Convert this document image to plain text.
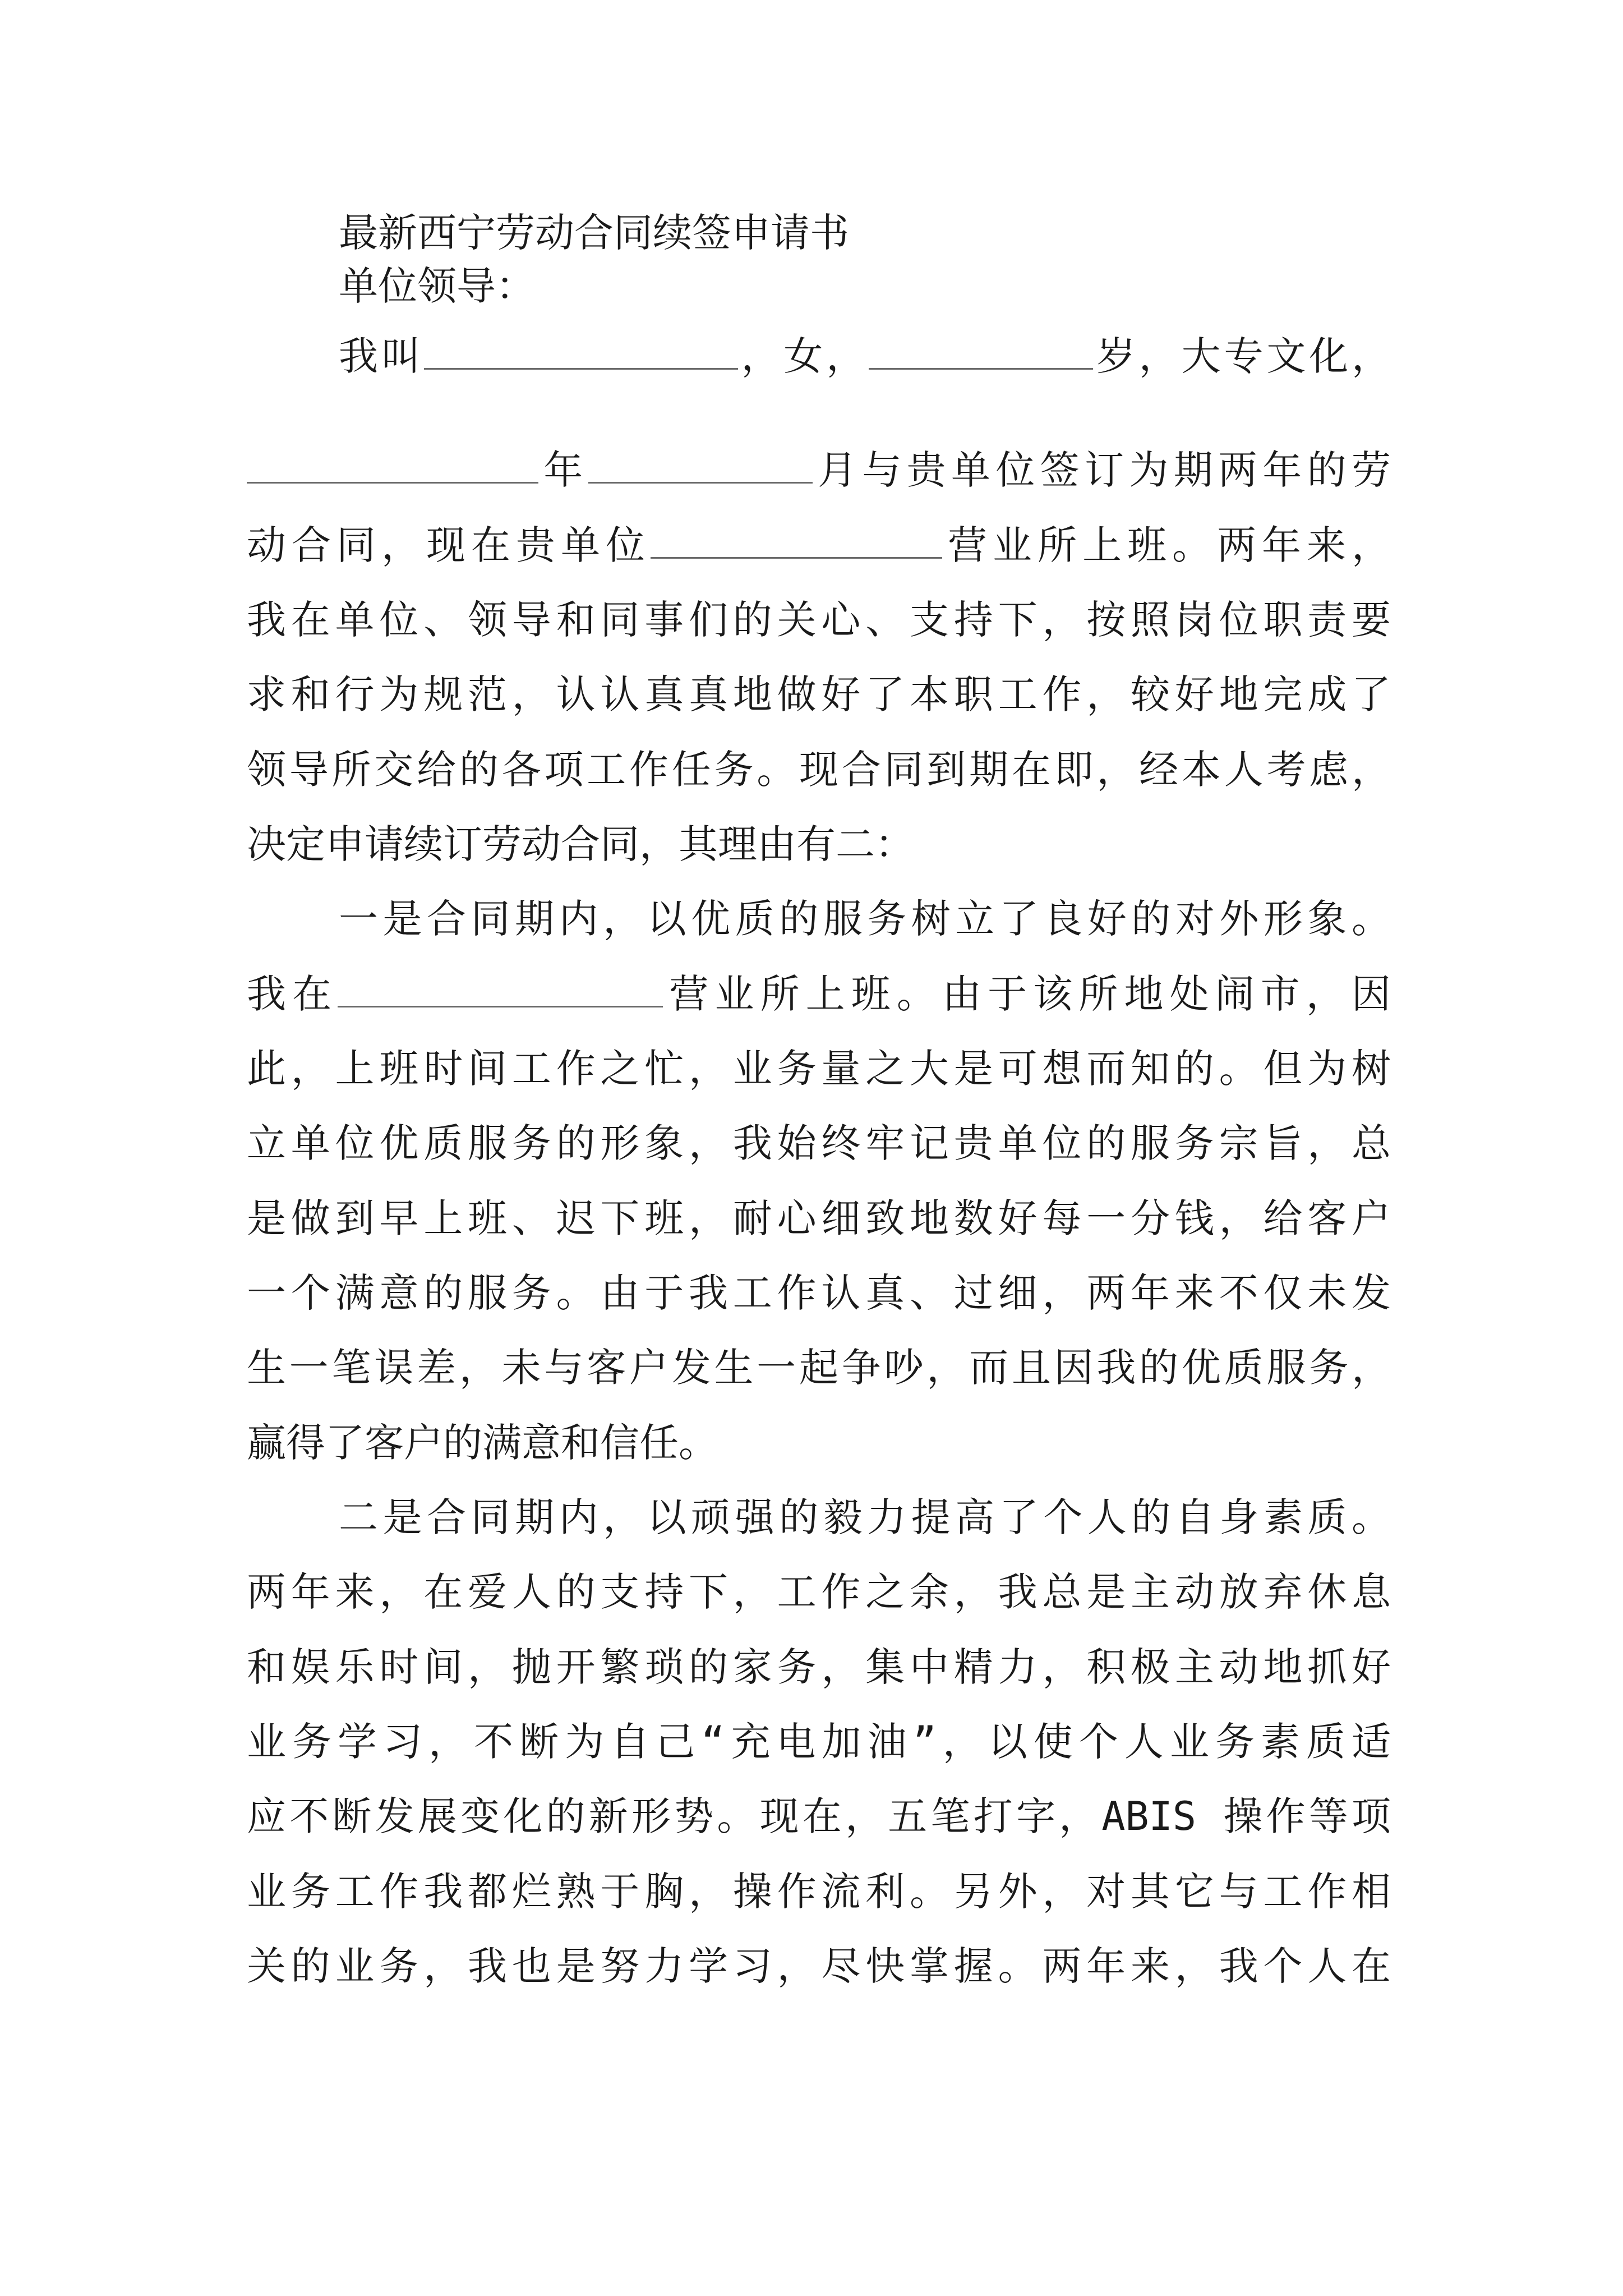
最新西宁劳动合同续签申请书
单位领导：
我叫	，女，	岁，大专文化，
年	月与贵单位签订为期两年的劳
动合同，现在贵单位	营业所上班。两年来，
我在单位、领导和同事们的关心、支持下，按照岗位职责要
求和行为规范，认认真真地做好了本职工作，较好地完成了
领导所交给的各项工作任务。现合同到期在即，经本人考虑，
决定申请续订劳动合同，其理由有二：
一是合同期内，以优质的服务树立了良好的对外形象。
我在	营业所上班。由于该所地处闹市，因
此，上班时间工作之忙，业务量之大是可想而知的。但为树
立单位优质服务的形象，我始终牢记贵单位的服务宗旨，总
是做到早上班、迟下班，耐心细致地数好每一分钱，给客户
一个满意的服务。由于我工作认真、过细，两年来不仅未发
生一笔误差，未与客户发生一起争吵，而且因我的优质服务，
赢得了客户的满意和信任。
二是合同期内，以顽强的毅力提高了个人的自身素质。
两年来，在爱人的支持下，工作之余，我总是主动放弃休息
和娱乐时间，抛开繁琐的家务，集中精力，积极主动地抓好
业务学习，不断为自己“充电加油”，以使个人业务素质适
应不断发展变化的新形势。现在，五笔打字，ABIS 操作等项
业务工作我都烂熟于胸，操作流利。另外，对其它与工作相
关的业务，我也是努力学习，尽快掌握。两年来，我个人在
